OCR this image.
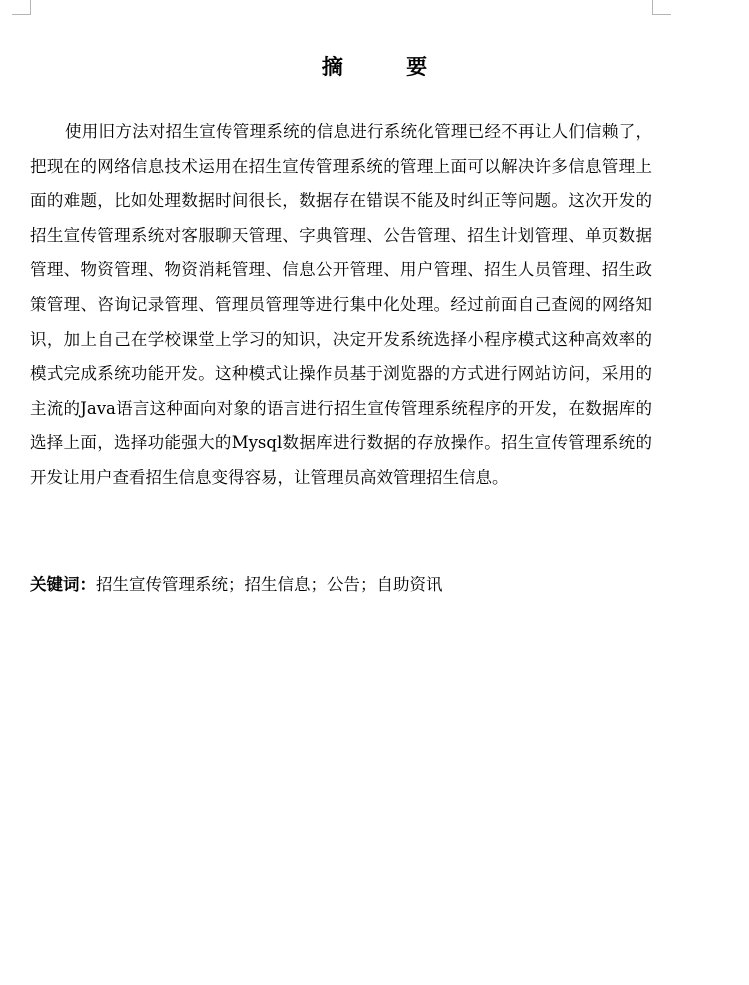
摘 要

使用旧方法对招生宣传管理系统的信息进行系统化管理已经不再让人们信赖了，把现在的网络信息技术运用在招生宣传管理系统的管理上面可以解决许多信息管理上面的难题，比如处理数据时间很长，数据存在错误不能及时纠正等问题。这次开发的招生宣传管理系统对客服聊天管理、字典管理、公告管理、招生计划管理、单页数据管理、物资管理、物资消耗管理、信息公开管理、用户管理、招生人员管理、招生政策管理、咨询记录管理、管理员管理等进行集中化处理。经过前面自己查阅的网络知识，加上自己在学校课堂上学习的知识，决定开发系统选择小程序模式这种高效率的模式完成系统功能开发。这种模式让操作员基于浏览器的方式进行网站访问，采用的主流的Java语言这种面向对象的语言进行招生宣传管理系统程序的开发，在数据库的选择上面，选择功能强大的Mysql数据库进行数据的存放操作。招生宣传管理系统的开发让用户查看招生信息变得容易，让管理员高效管理招生信息。

关键词：招生宣传管理系统；招生信息；公告；自助资讯
